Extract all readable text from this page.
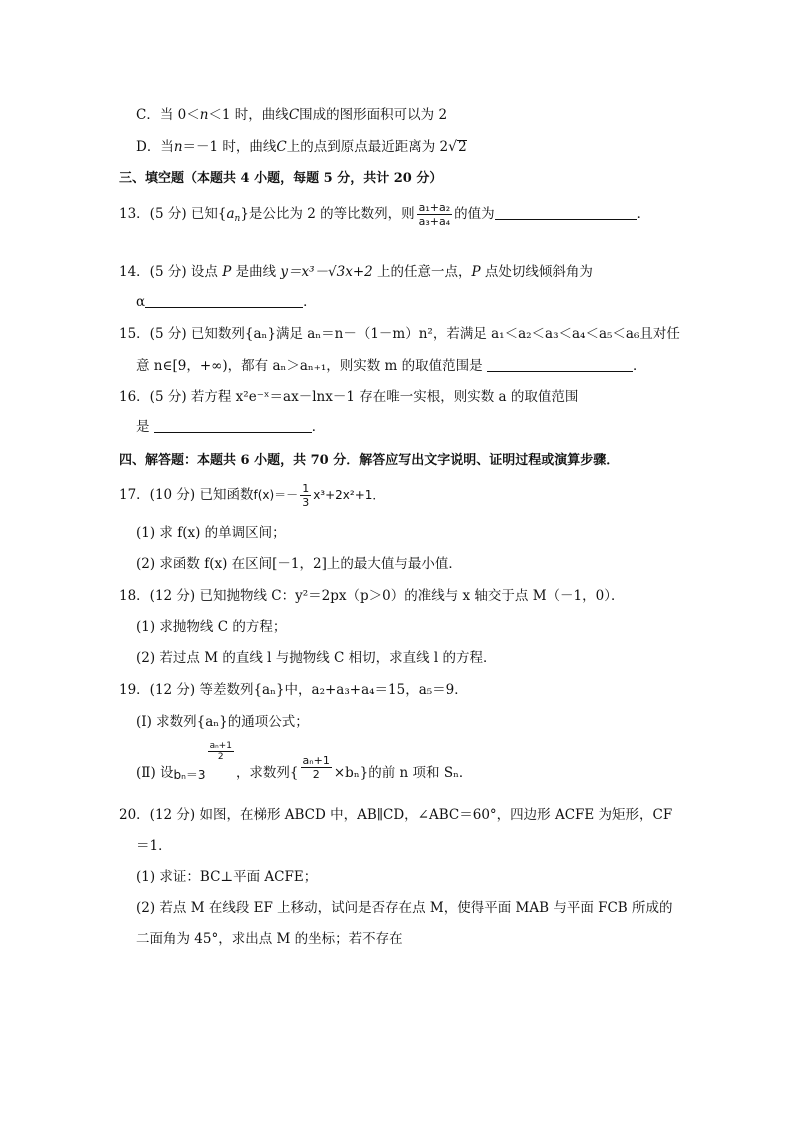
C．当 0＜n＜1 时，曲线C围成的图形面积可以为 2
D．当n＝－1 时，曲线C上的点到原点最近距离为 2√2
三、填空题（本题共 4 小题，每题 5 分，共计 20 分）
13．(5 分) 已知$\{a_n\}$是公比为 2 的等比数列，则 $\frac{\text{a₁+a₂}}{\text{a₃+a₄}}$ 的值为	．
14．(5 分) 设点 P 是曲线 y＝x³－√3x+2 上的任意一点，P 点处切线倾斜角为
α	．
15．(5 分) 已知数列{aₙ}满足 aₙ＝n－（1－m）n²，若满足 a₁＜a₂＜a₃＜a₄＜a₅＜a₆且对任
意 n∈[9，+∞)，都有 aₙ＞aₙ₊₁，则实数 m 的取值范围是	．
16．(5 分) 若方程 x²e⁻ˣ＝ax－lnx－1 存在唯一实根，则实数 a 的取值范围
是	．
四、解答题：本题共 6 小题，共 70 分．解答应写出文字说明、证明过程或演算步骤．
17．(10 分) 已知函数$f(x)=- \frac{1}{3} x^3+2x^2+1$．
(1) 求 f(x) 的单调区间；
(2) 求函数 f(x) 在区间[－1，2]上的最大值与最小值．
18．(12 分) 已知抛物线 C：y²＝2px（p＞0）的准线与 x 轴交于点 M（－1，0）．
(1) 求抛物线 C 的方程；
(2) 若过点 M 的直线 l 与抛物线 C 相切，求直线 l 的方程．
19．(12 分) 等差数列{aₙ}中，a₂+a₃+a₄＝15，a₅＝9．
(Ⅰ) 求数列{aₙ}的通项公式；
(Ⅱ) 设bₙ＝3
$\frac{\text{aₙ+1}}{2}$
，求数列{ $\frac{\text{aₙ+1}}{2} \times b_n$}的前 n 项和 Sₙ．
20．(12 分) 如图，在梯形 ABCD 中，AB∥CD，∠ABC＝60°，四边形 ACFE 为矩形，CF
＝1．
(1) 求证：BC⊥平面 ACFE；
(2) 若点 M 在线段 EF 上移动，试问是否存在点 M，使得平面 MAB 与平面 FCB 所成的
二面角为 45°，求出点 M 的坐标；若不存在
